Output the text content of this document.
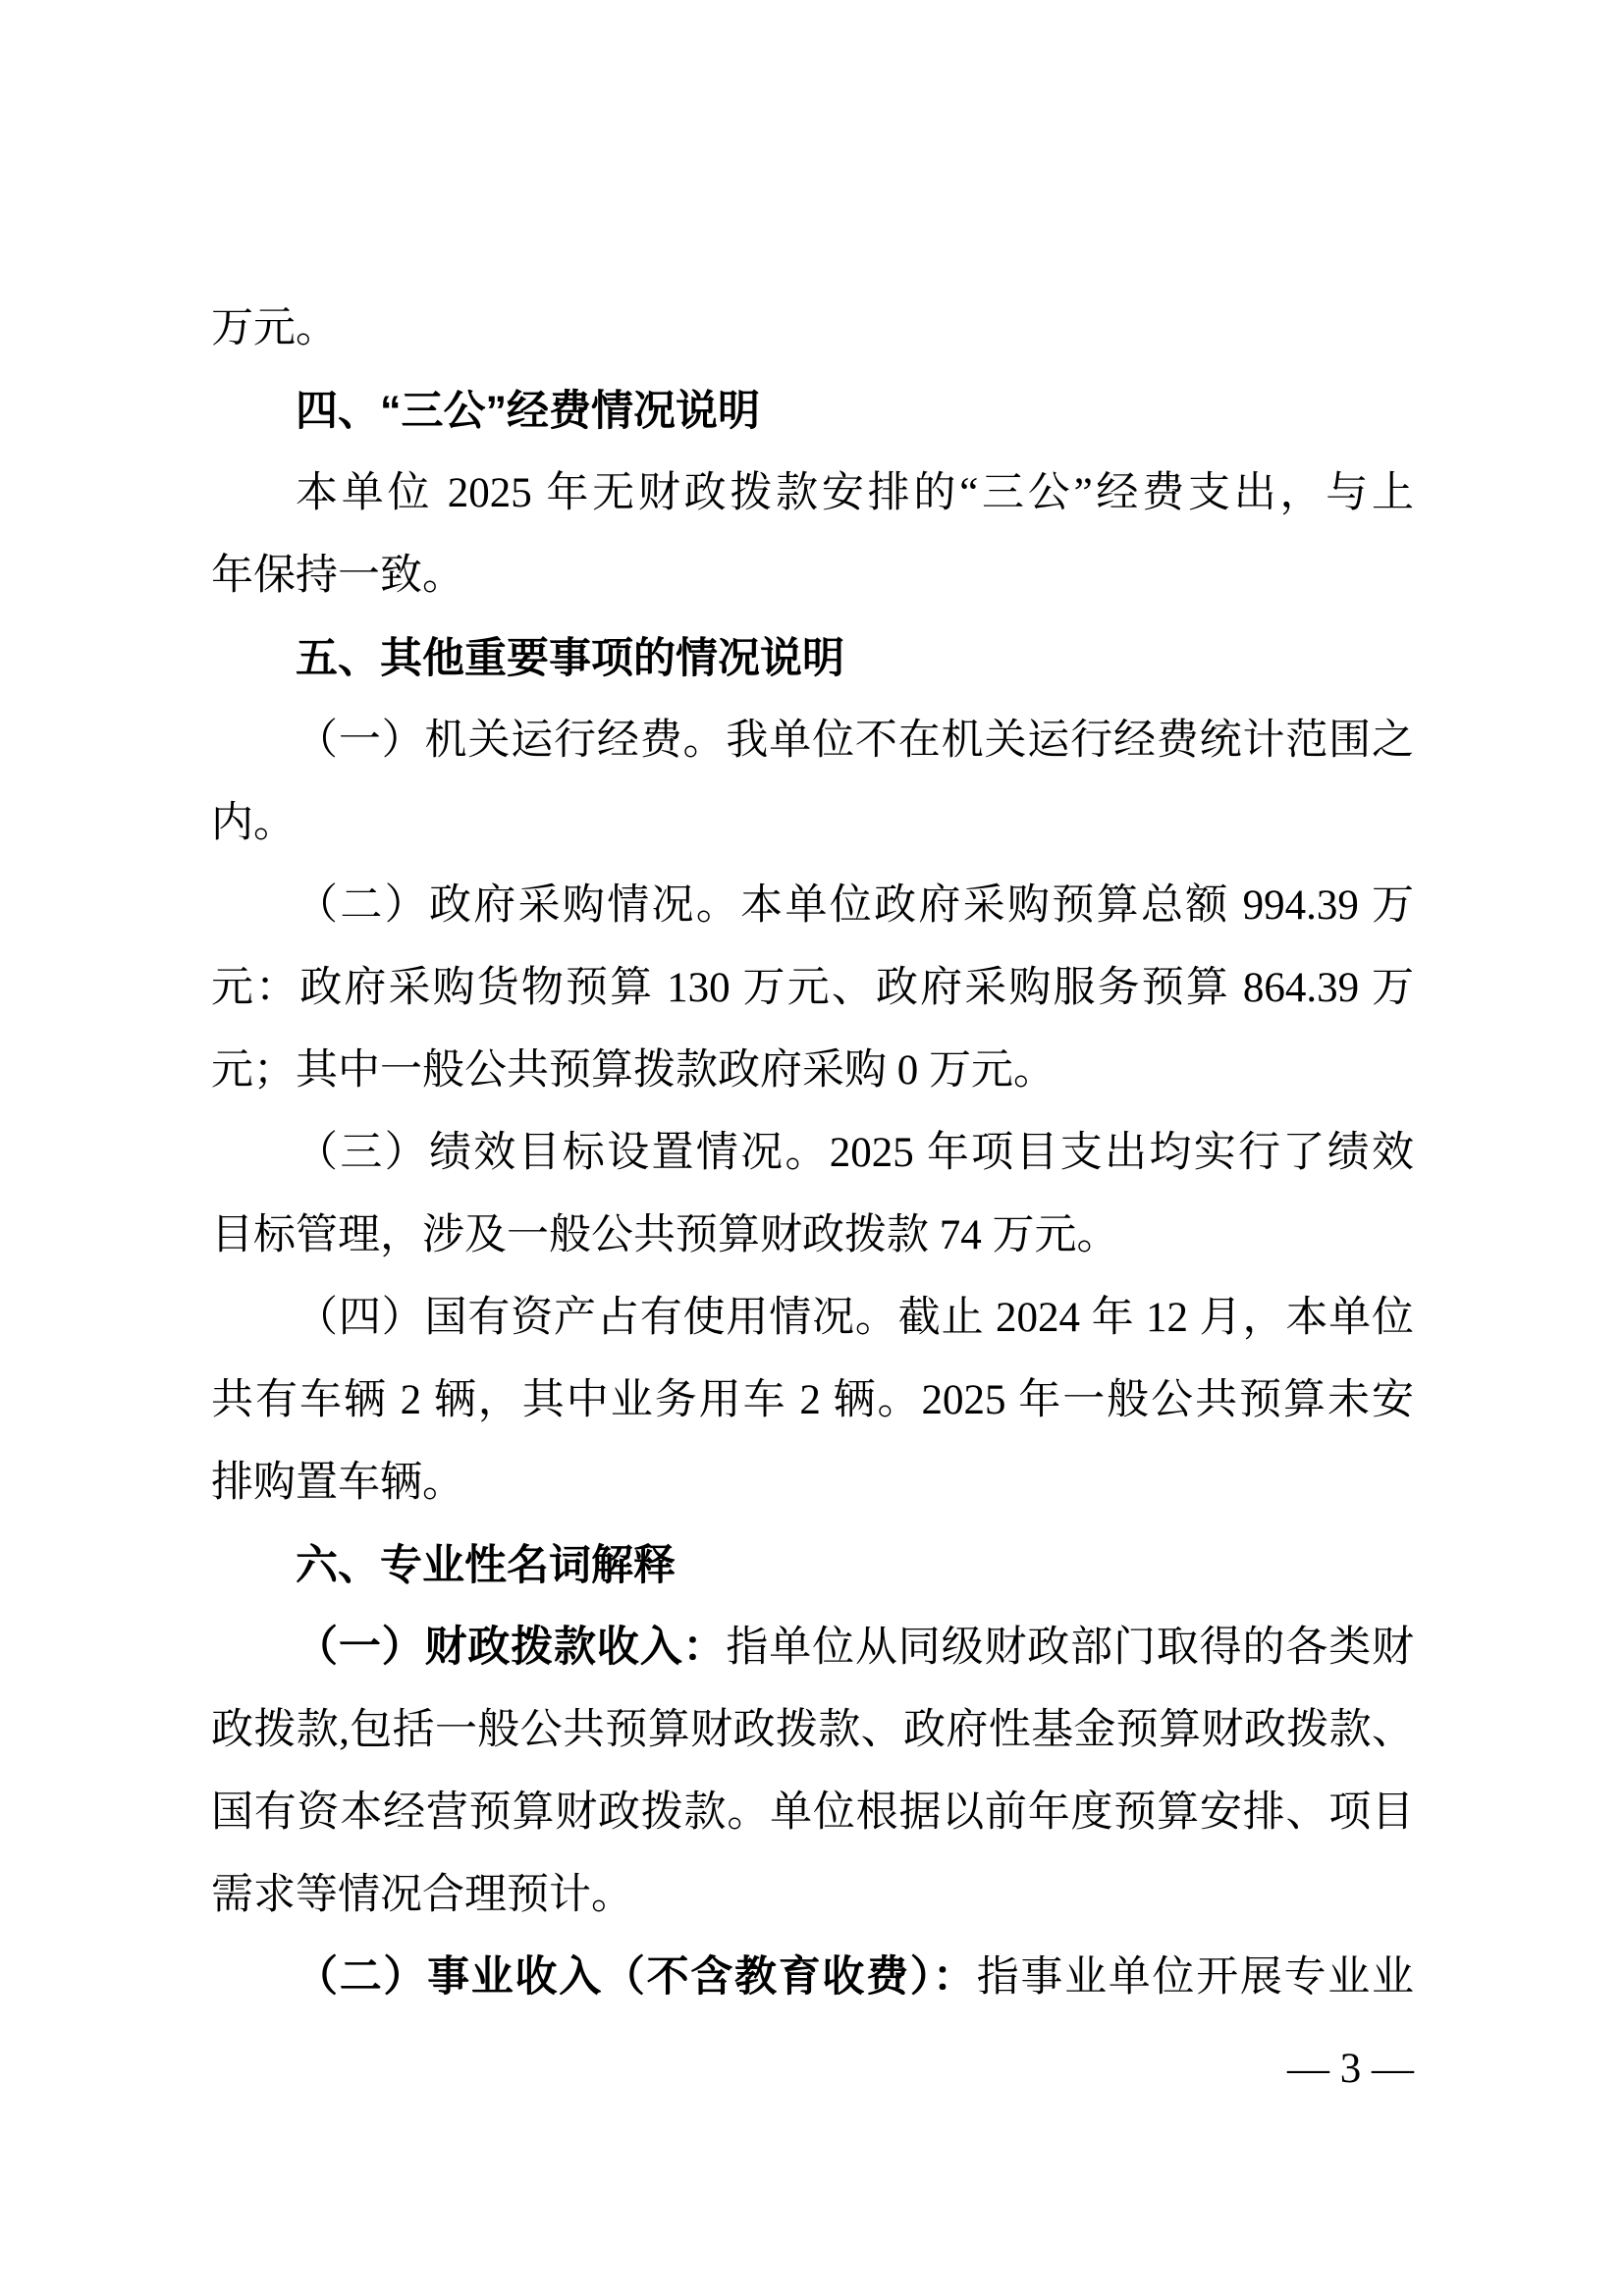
万元。
四、“三公”经费情况说明
本单位 2025 年无财政拨款安排的“三公”经费支出，与上
年保持一致。
五、其他重要事项的情况说明
（一）机关运行经费。我单位不在机关运行经费统计范围之
内。
（二）政府采购情况。本单位政府采购预算总额 994.39 万
元：政府采购货物预算 130 万元、政府采购服务预算 864.39 万
元；其中一般公共预算拨款政府采购 0 万元。
（三）绩效目标设置情况。2025 年项目支出均实行了绩效
目标管理，涉及一般公共预算财政拨款 74 万元。
（四）国有资产占有使用情况。截止 2024 年 12 月，本单位
共有车辆 2 辆，其中业务用车 2 辆。2025 年一般公共预算未安
排购置车辆。
六、专业性名词解释
（一）财政拨款收入：指单位从同级财政部门取得的各类财
政拨款,包括一般公共预算财政拨款、政府性基金预算财政拨款、
国有资本经营预算财政拨款。单位根据以前年度预算安排、项目
需求等情况合理预计。
（二）事业收入（不含教育收费）：指事业单位开展专业业
— 3 —
